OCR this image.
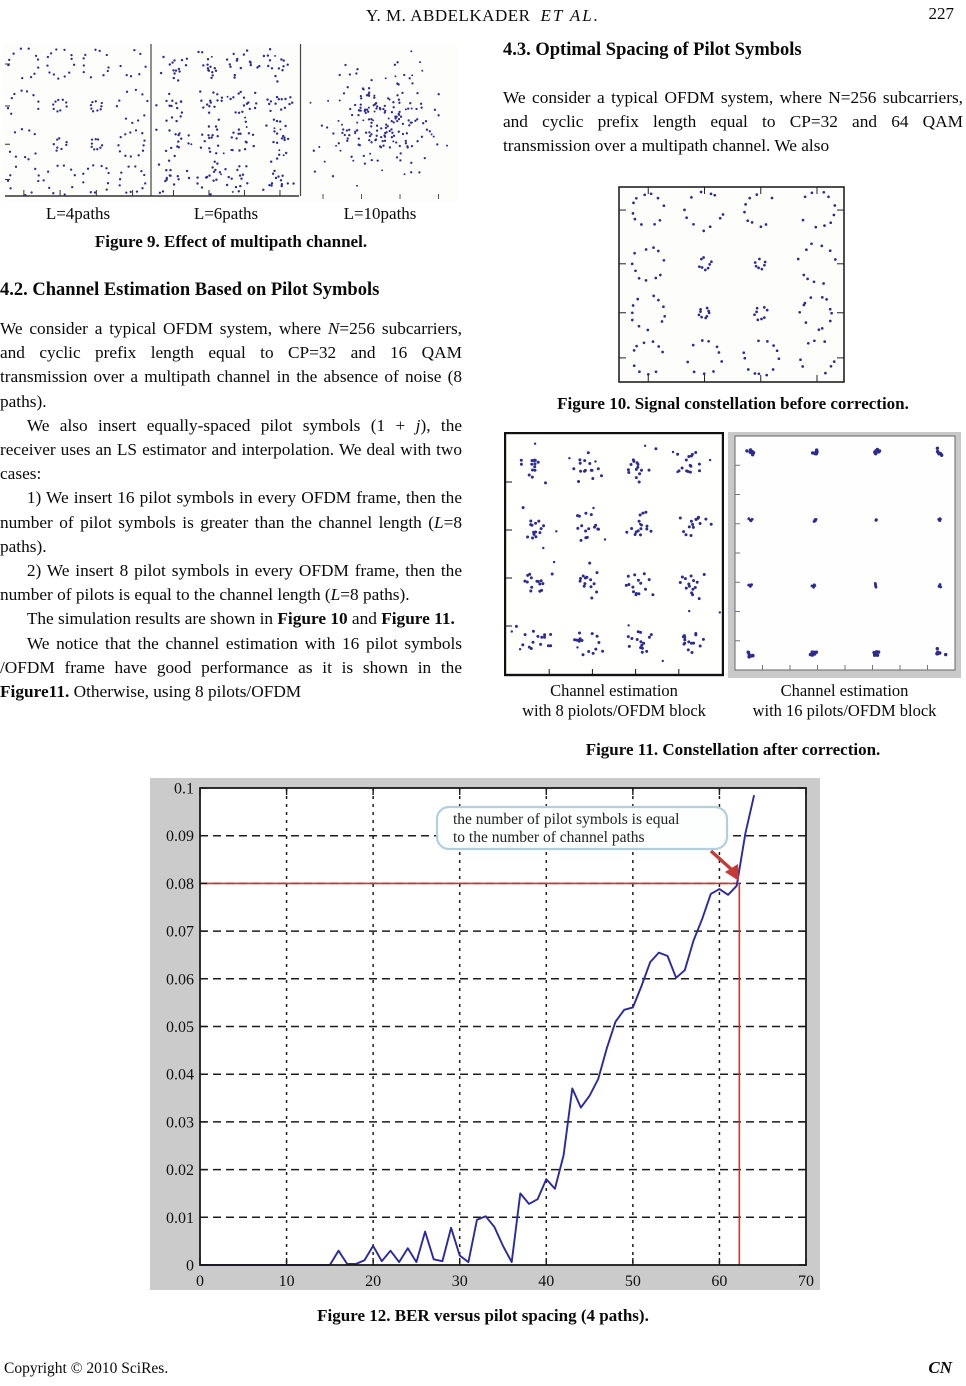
Y. M. ABDELKADER ET AL.	227
L=4paths	L=6paths	L=10paths
Figure 9. Effect of multipath channel.
4.2. Channel Estimation Based on Pilot Symbols

We consider a typical OFDM system, where N=256 subcarriers, and cyclic prefix length equal to CP=32 and 16 QAM transmission over a multipath channel in the absence of noise (8 paths).

We also insert equally-spaced pilot symbols (1 + j), the receiver uses an LS estimator and interpolation. We deal with two cases:

1) We insert 16 pilot symbols in every OFDM frame, then the number of pilot symbols is greater than the channel length (L=8 paths).

2) We insert 8 pilot symbols in every OFDM frame, then the number of pilots is equal to the channel length (L=8 paths).

The simulation results are shown in Figure 10 and Figure 11.

We notice that the channel estimation with 16 pilot symbols /OFDM frame have good performance as it is shown in the Figure11. Otherwise, using 8 pilots/OFDM

4.3. Optimal Spacing of Pilot Symbols

We consider a typical OFDM system, where N=256 subcarriers, and cyclic prefix length equal to CP=32 and 64 QAM transmission over a multipath channel. We also

Figure 10. Signal constellation before correction.
Channel estimation
with 8 piolots/OFDM block
Channel estimation
with 16 pilots/OFDM block
Figure 11. Constellation after correction.
0
0.01
0.02
0.03
0.04
0.05
0.06
0.07
0.08
0.09
0.1
0	10	20	30	40	50	60	70
the number of pilot symbols is equal
to the number of channel paths
Figure 12. BER versus pilot spacing (4 paths).
Copyright © 2010 SciRes.	CN
